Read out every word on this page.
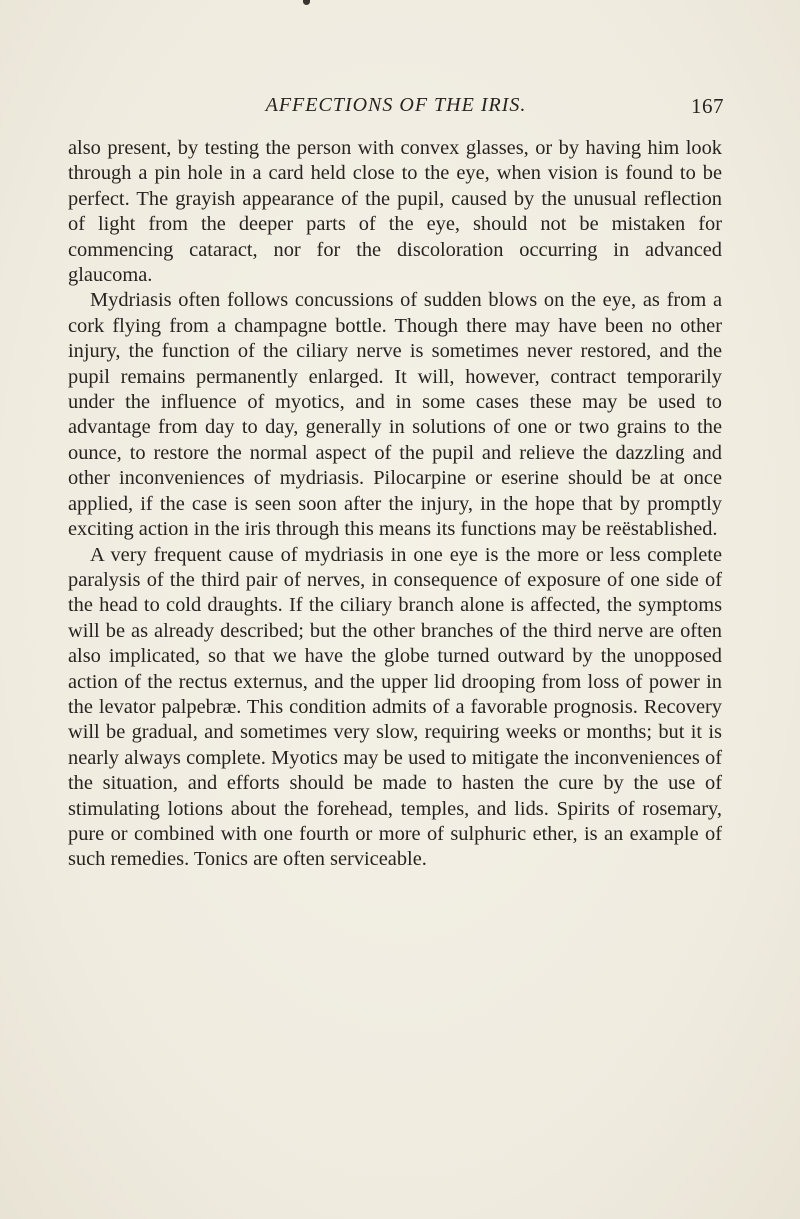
AFFECTIONS OF THE IRIS.	167

also present, by testing the person with convex glasses, or by having him look through a pin hole in a card held close to the eye, when vision is found to be perfect. The grayish appearance of the pupil, caused by the unusual reflection of light from the deeper parts of the eye, should not be mistaken for commencing cataract, nor for the discoloration occurring in advanced glaucoma.

Mydriasis often follows concussions of sudden blows on the eye, as from a cork flying from a champagne bottle. Though there may have been no other injury, the function of the ciliary nerve is sometimes never restored, and the pupil remains permanently enlarged. It will, however, contract temporarily under the influence of myotics, and in some cases these may be used to advantage from day to day, generally in solutions of one or two grains to the ounce, to restore the normal aspect of the pupil and relieve the dazzling and other inconveniences of mydriasis. Pilocarpine or eserine should be at once applied, if the case is seen soon after the injury, in the hope that by promptly exciting action in the iris through this means its functions may be reëstablished.

A very frequent cause of mydriasis in one eye is the more or less complete paralysis of the third pair of nerves, in consequence of exposure of one side of the head to cold draughts. If the ciliary branch alone is affected, the symptoms will be as already described; but the other branches of the third nerve are often also implicated, so that we have the globe turned outward by the unopposed action of the rectus externus, and the upper lid drooping from loss of power in the levator palpebræ. This condition admits of a favorable prognosis. Recovery will be gradual, and sometimes very slow, requiring weeks or months; but it is nearly always complete. Myotics may be used to mitigate the inconveniences of the situation, and efforts should be made to hasten the cure by the use of stimulating lotions about the forehead, temples, and lids. Spirits of rosemary, pure or combined with one fourth or more of sulphuric ether, is an example of such remedies. Tonics are often serviceable.
